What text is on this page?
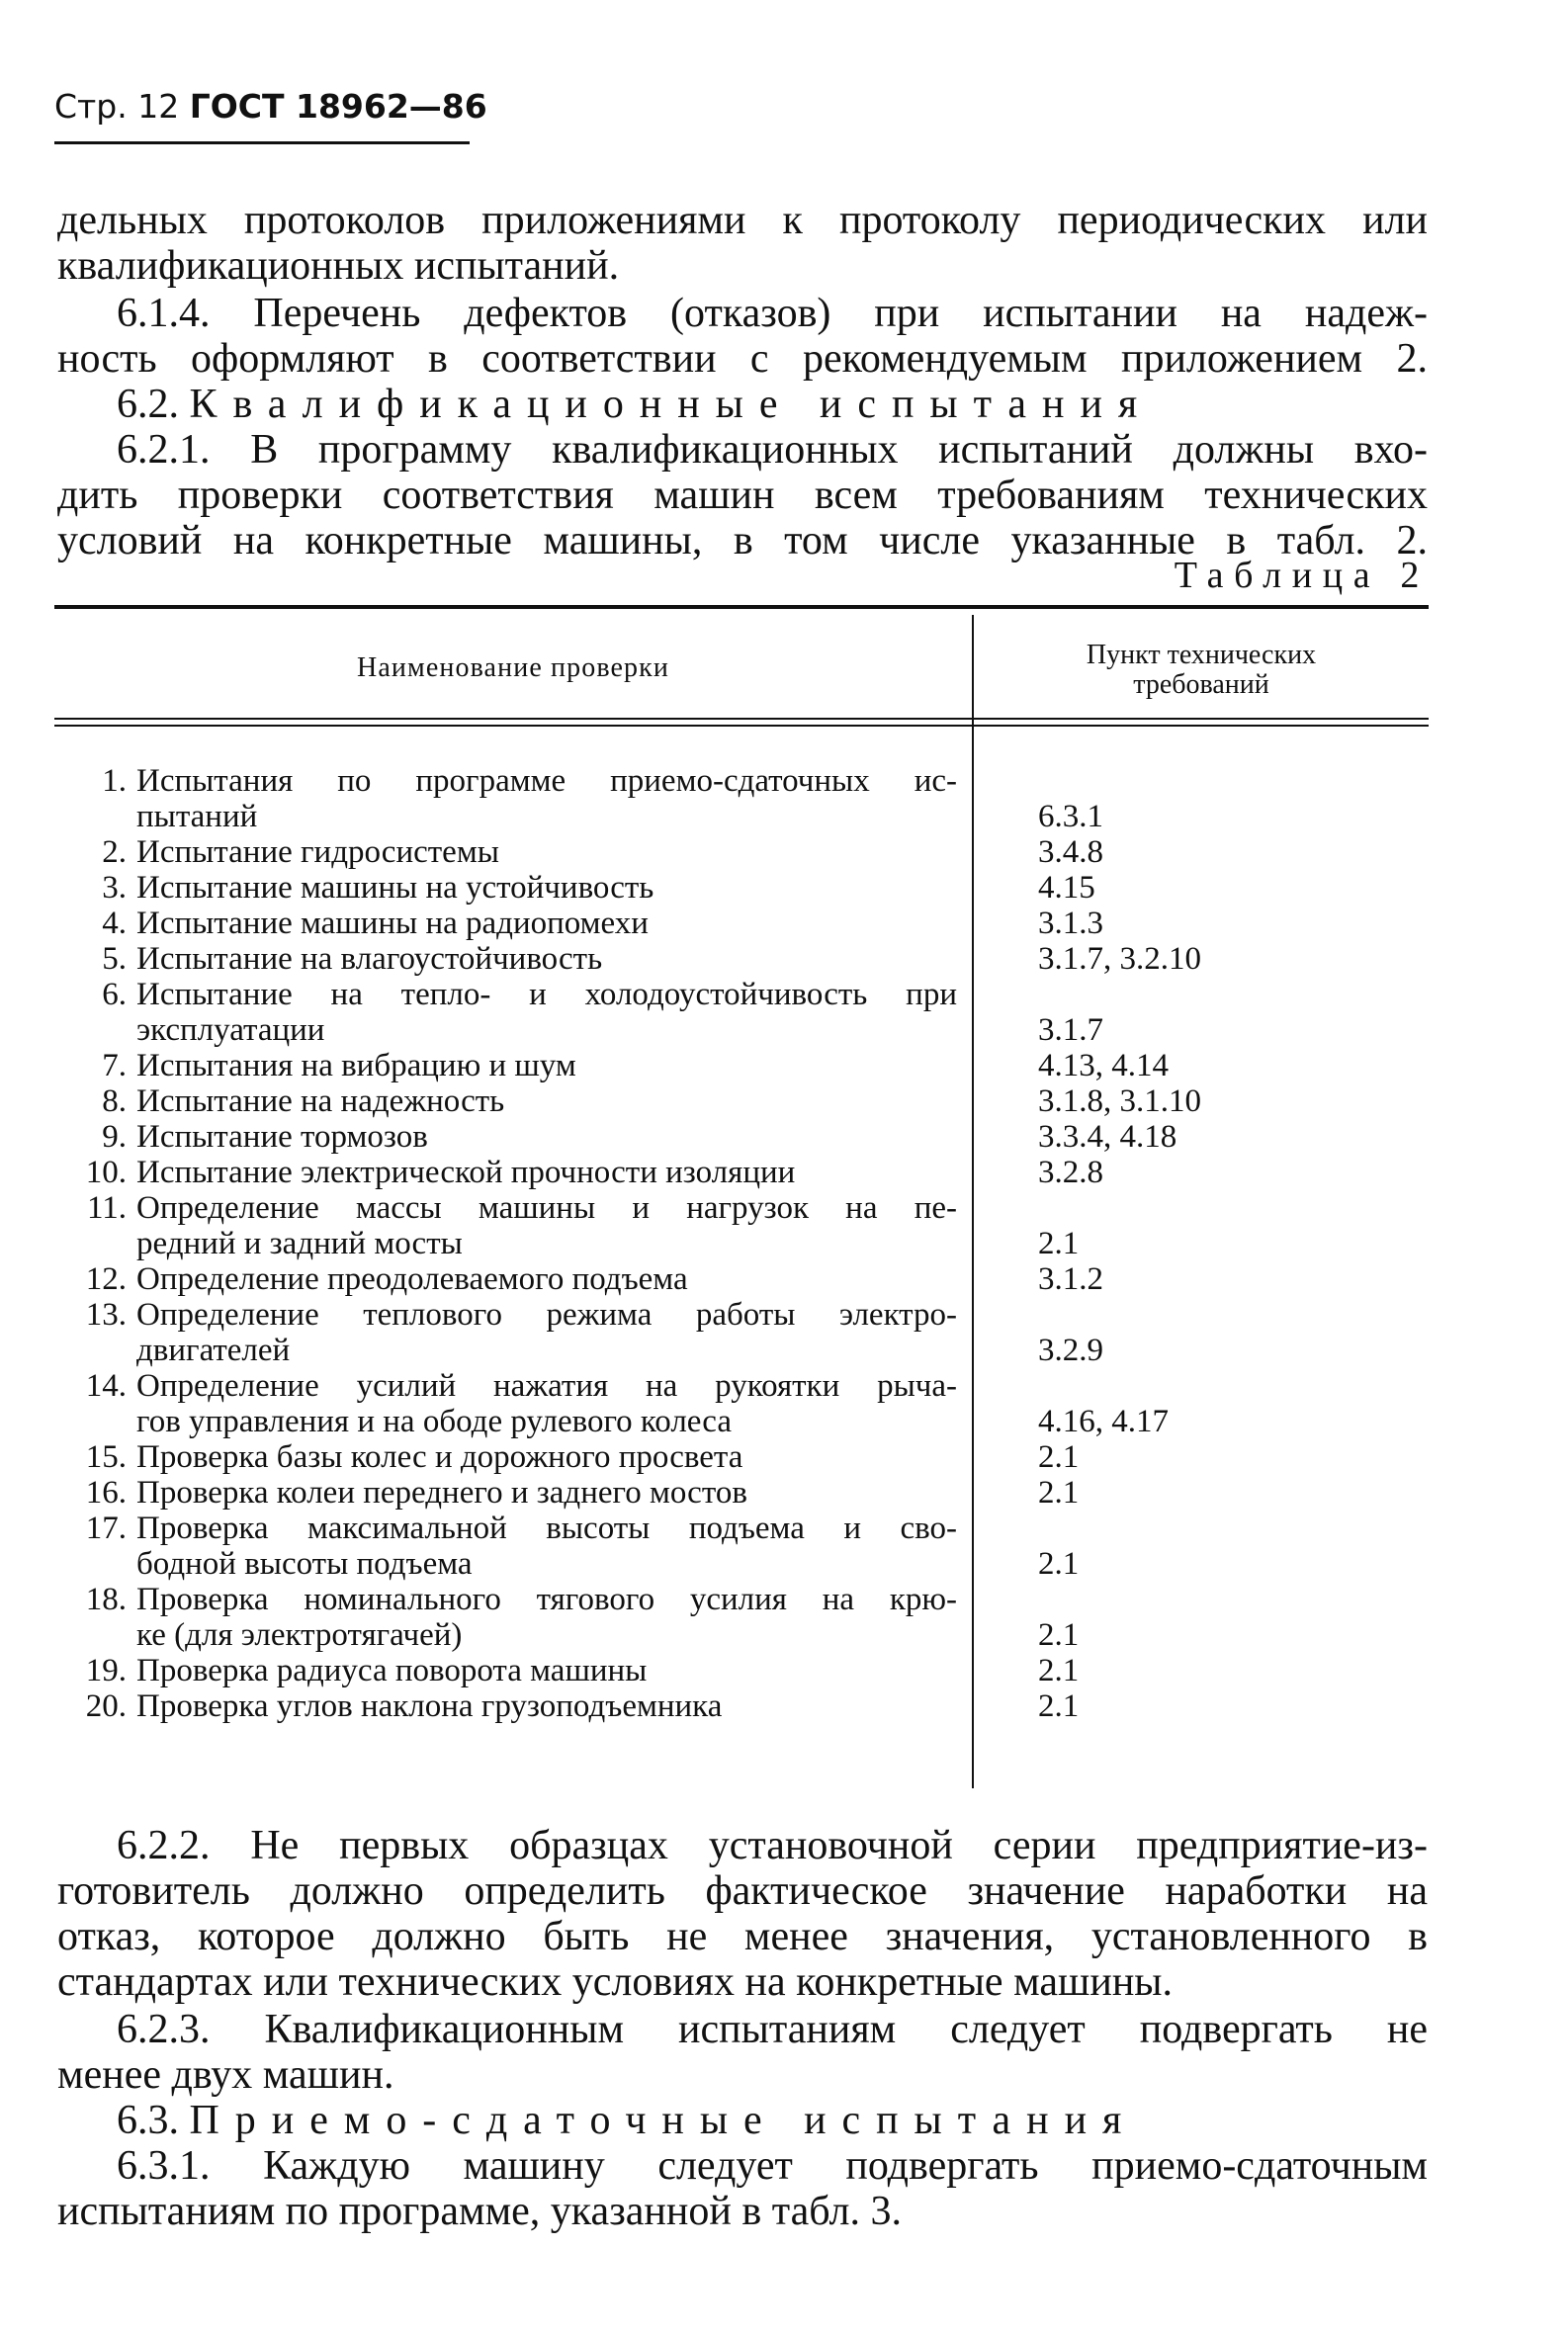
Стр. 12 ГОСТ 18962—86
дельных протоколов приложениями к протоколу периодических или
квалификационных испытаний.
6.1.4. Перечень дефектов (отказов) при испытании на надеж-
ность оформляют в соответствии с рекомендуемым приложением 2.
6.2. Квалификационные испытания
6.2.1. В программу квалификационных испытаний должны вхо-
дить проверки соответствия машин всем требованиям технических
условий на конкретные машины, в том числе указанные в табл. 2.
Таблица 2
Наименование проверки	Пункт технических
требований
1. Испытания по программе приемо-сдаточных ис-
пытаний	6.3.1
2. Испытание гидросистемы	3.4.8
3. Испытание машины на устойчивость	4.15
4. Испытание машины на радиопомехи	3.1.3
5. Испытание на влагоустойчивость	3.1.7, 3.2.10
6. Испытание на тепло- и холодоустойчивость при
эксплуатации	3.1.7
7. Испытания на вибрацию и шум	4.13, 4.14
8. Испытание на надежность	3.1.8, 3.1.10
9. Испытание тормозов	3.3.4, 4.18
10. Испытание электрической прочности изоляции	3.2.8
11. Определение массы машины и нагрузок на пе-
редний и задний мосты	2.1
12. Определение преодолеваемого подъема	3.1.2
13. Определение теплового режима работы электро-
двигателей	3.2.9
14. Определение усилий нажатия на рукоятки рыча-
гов управления и на ободе рулевого колеса	4.16, 4.17
15. Проверка базы колес и дорожного просвета	2.1
16. Проверка колеи переднего и заднего мостов	2.1
17. Проверка максимальной высоты подъема и сво-
бодной высоты подъема	2.1
18. Проверка номинального тягового усилия на крю-
ке (для электротягачей)	2.1
19. Проверка радиуса поворота машины	2.1
20. Проверка углов наклона грузоподъемника	2.1
6.2.2. Не первых образцах установочной серии предприятие-из-
готовитель должно определить фактическое значение наработки на
отказ, которое должно быть не менее значения, установленного в
стандартах или технических условиях на конкретные машины.
6.2.3. Квалификационным испытаниям следует подвергать не
менее двух машин.
6.3. Приемо-сдаточные испытания
6.3.1. Каждую машину следует подвергать приемо-сдаточным
испытаниям по программе, указанной в табл. 3.
